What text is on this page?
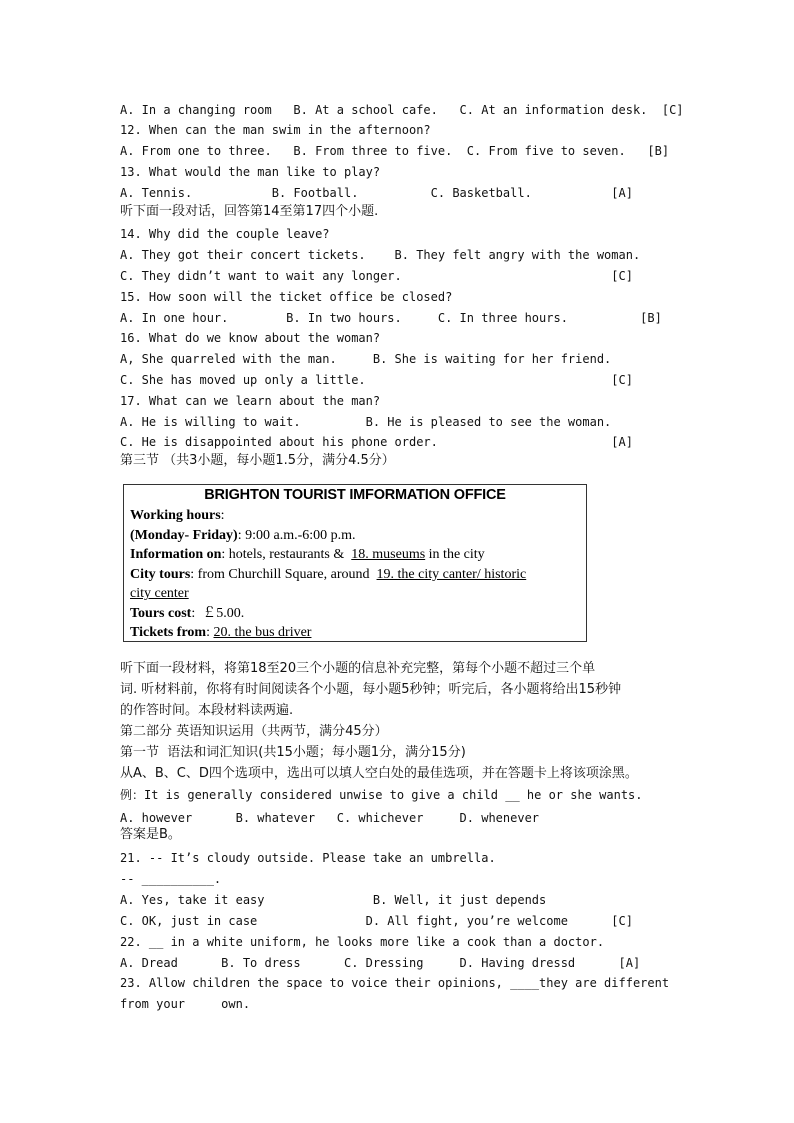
A. In a changing room   B. At a school cafe.   C. At an information desk.  [C]
12. When can the man swim in the afternoon?
A. From one to three.   B. From three to five.  C. From five to seven.   [B]
13. What would the man like to play?
A. Tennis.           B. Football.          C. Basketball.           [A]
听下面一段对话，回答第14至第17四个小题.
14. Why did the couple leave?
A. They got their concert tickets.    B. They felt angry with the woman.
C. They didn’t want to wait any longer.                             [C]
15. How soon will the ticket office be closed?
A. In one hour.        B. In two hours.     C. In three hours.          [B]
16. What do we know about the woman?
A, She quarreled with the man.     B. She is waiting for her friend.
C. She has moved up only a little.                                  [C]
17. What can we learn about the man?
A. He is willing to wait.         B. He is pleased to see the woman.
C. He is disappointed about his phone order.                        [A]
第三节 （共3小题，每小题1.5分，满分4.5分）
BRIGHTON TOURIST IMFORMATION OFFICE
Working hours:
(Monday- Friday): 9:00 a.m.-6:00 p.m.
Information on: hotels, restaurants &  18. museums in the city
City tours: from Churchill Square, around  19. the city canter/ historic
city center
Tours cost:  ￡5.00.
Tickets from: 20. the bus driver
听下面一段材料，将第18至20三个小题的信息补充完整，第每个小题不超过三个单
词. 听材料前，你将有时间阅读各个小题，每小题5秒钟；听完后，各小题将给出15秒钟
的作答时间。本段材料读两遍.
第二部分 英语知识运用（共两节，满分45分）
第一节  语法和词汇知识(共15小题；每小题1分，满分15分)
从A、B、C、D四个选项中，选出可以填人空白处的最佳选项，并在答题卡上将该项涂黑。
例：It is generally considered unwise to give a child __ he or she wants.
A. however      B. whatever   C. whichever     D. whenever
答案是B。
21. -- It’s cloudy outside. Please take an umbrella.
-- __________.
A. Yes, take it easy               B. Well, it just depends
C. OK, just in case               D. All fight, you’re welcome      [C]
22. __ in a white uniform, he looks more like a cook than a doctor.
A. Dread      B. To dress      C. Dressing     D. Having dressd      [A]
23. Allow children the space to voice their opinions, ____they are different
from your     own.
